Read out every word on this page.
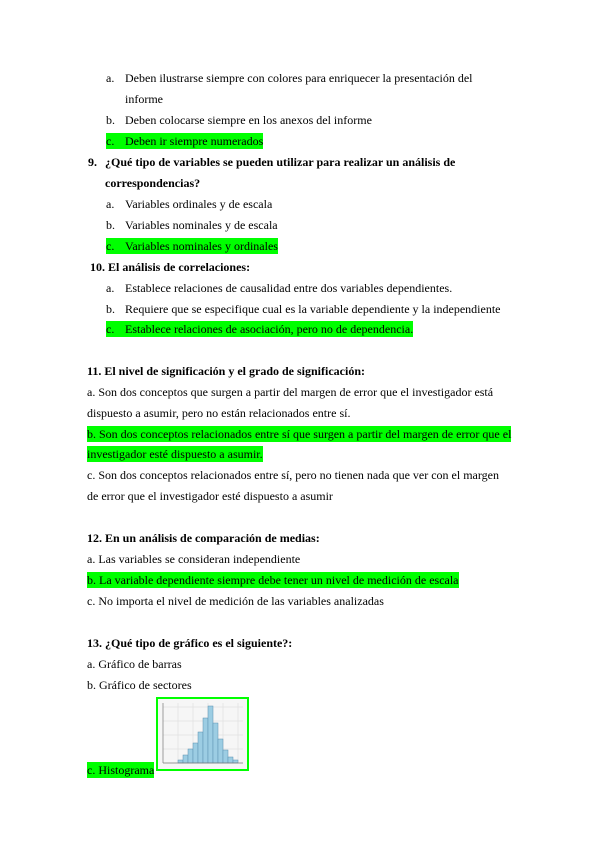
a. Deben ilustrarse siempre con colores para enriquecer la presentación del
informe
b. Deben colocarse siempre en los anexos del informe
c. Deben ir siempre numerados
9. ¿Qué tipo de variables se pueden utilizar para realizar un análisis de
correspondencias?
a. Variables ordinales y de escala
b. Variables nominales y de escala
c. Variables nominales y ordinales
10. El análisis de correlaciones:
a. Establece relaciones de causalidad entre dos variables dependientes.
b. Requiere que se especifique cual es la variable dependiente y la independiente
c. Establece relaciones de asociación, pero no de dependencia.
11. El nivel de significación y el grado de significación:
a. Son dos conceptos que surgen a partir del margen de error que el investigador está
dispuesto a asumir, pero no están relacionados entre sí.
b. Son dos conceptos relacionados entre sí que surgen a partir del margen de error que el
investigador esté dispuesto a asumir.
c. Son dos conceptos relacionados entre sí, pero no tienen nada que ver con el margen
de error que el investigador esté dispuesto a asumir
12. En un análisis de comparación de medias:
a. Las variables se consideran independiente
b. La variable dependiente siempre debe tener un nivel de medición de escala
c. No importa el nivel de medición de las variables analizadas
13. ¿Qué tipo de gráfico es el siguiente?:
a. Gráfico de barras
b. Gráfico de sectores
c. Histograma
